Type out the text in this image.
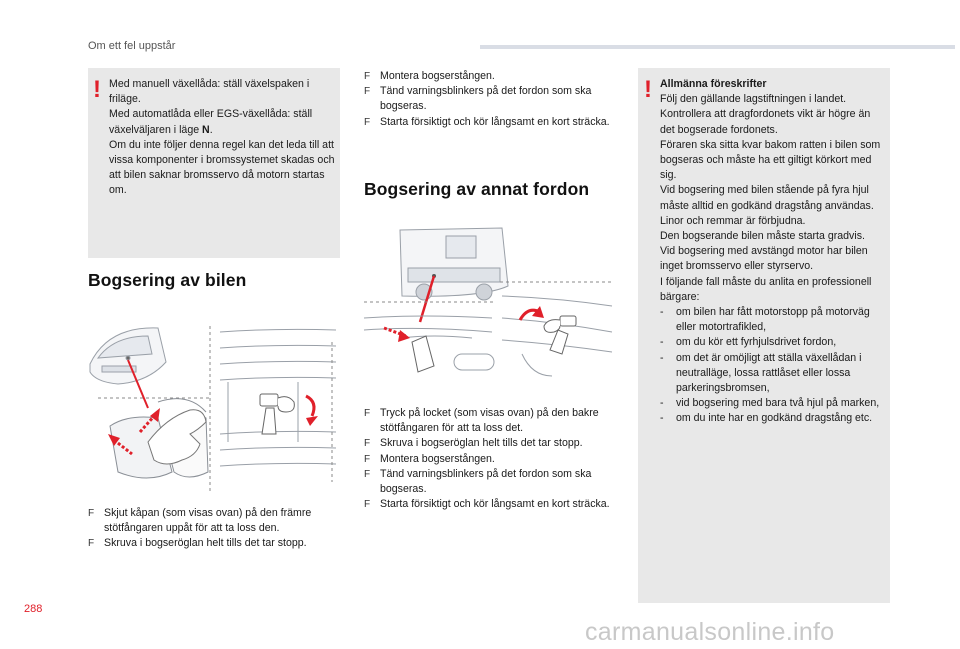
Om ett fel uppstår
! Med manuell växellåda: ställ växelspaken i friläge.

Med automatlåda eller EGS-växellåda: ställ växelväljaren i läge N.

Om du inte följer denna regel kan det leda till att vissa komponenter i bromssystemet skadas och att bilen saknar bromsservo då motorn startas om.

Bogsering av bilen
F Skjut kåpan (som visas ovan) på den främre stötfångaren uppåt för att ta loss den.
F Skruva i bogseröglan helt tills det tar stopp.
F Montera bogserstången.
F Tänd varningsblinkers på det fordon som ska bogseras.
F Starta försiktigt och kör långsamt en kort sträcka.
Bogsering av annat fordon
F Tryck på locket (som visas ovan) på den bakre stötfångaren för att ta loss det.
F Skruva i bogseröglan helt tills det tar stopp.
F Montera bogserstången.
F Tänd varningsblinkers på det fordon som ska bogseras.
F Starta försiktigt och kör långsamt en kort sträcka.
! Allmänna föreskrifter

Följ den gällande lagstiftningen i landet.

Kontrollera att dragfordonets vikt är högre än det bogserade fordonets.

Föraren ska sitta kvar bakom ratten i bilen som bogseras och måste ha ett giltigt körkort med sig.

Vid bogsering med bilen stående på fyra hjul måste alltid en godkänd dragstång användas. Linor och remmar är förbjudna.

Den bogserande bilen måste starta gradvis.

Vid bogsering med avstängd motor har bilen inget bromsservo eller styrservo.

I följande fall måste du anlita en professionell bärgare:

- om bilen har fått motorstopp på motorväg eller motortrafikled,
- om du kör ett fyrhjulsdrivet fordon,
- om det är omöjligt att ställa växellådan i neutralläge, lossa rattlåset eller lossa parkeringsbromsen,
- vid bogsering med bara två hjul på marken,
- om du inte har en godkänd dragstång etc.
288
carmanualsonline.info
